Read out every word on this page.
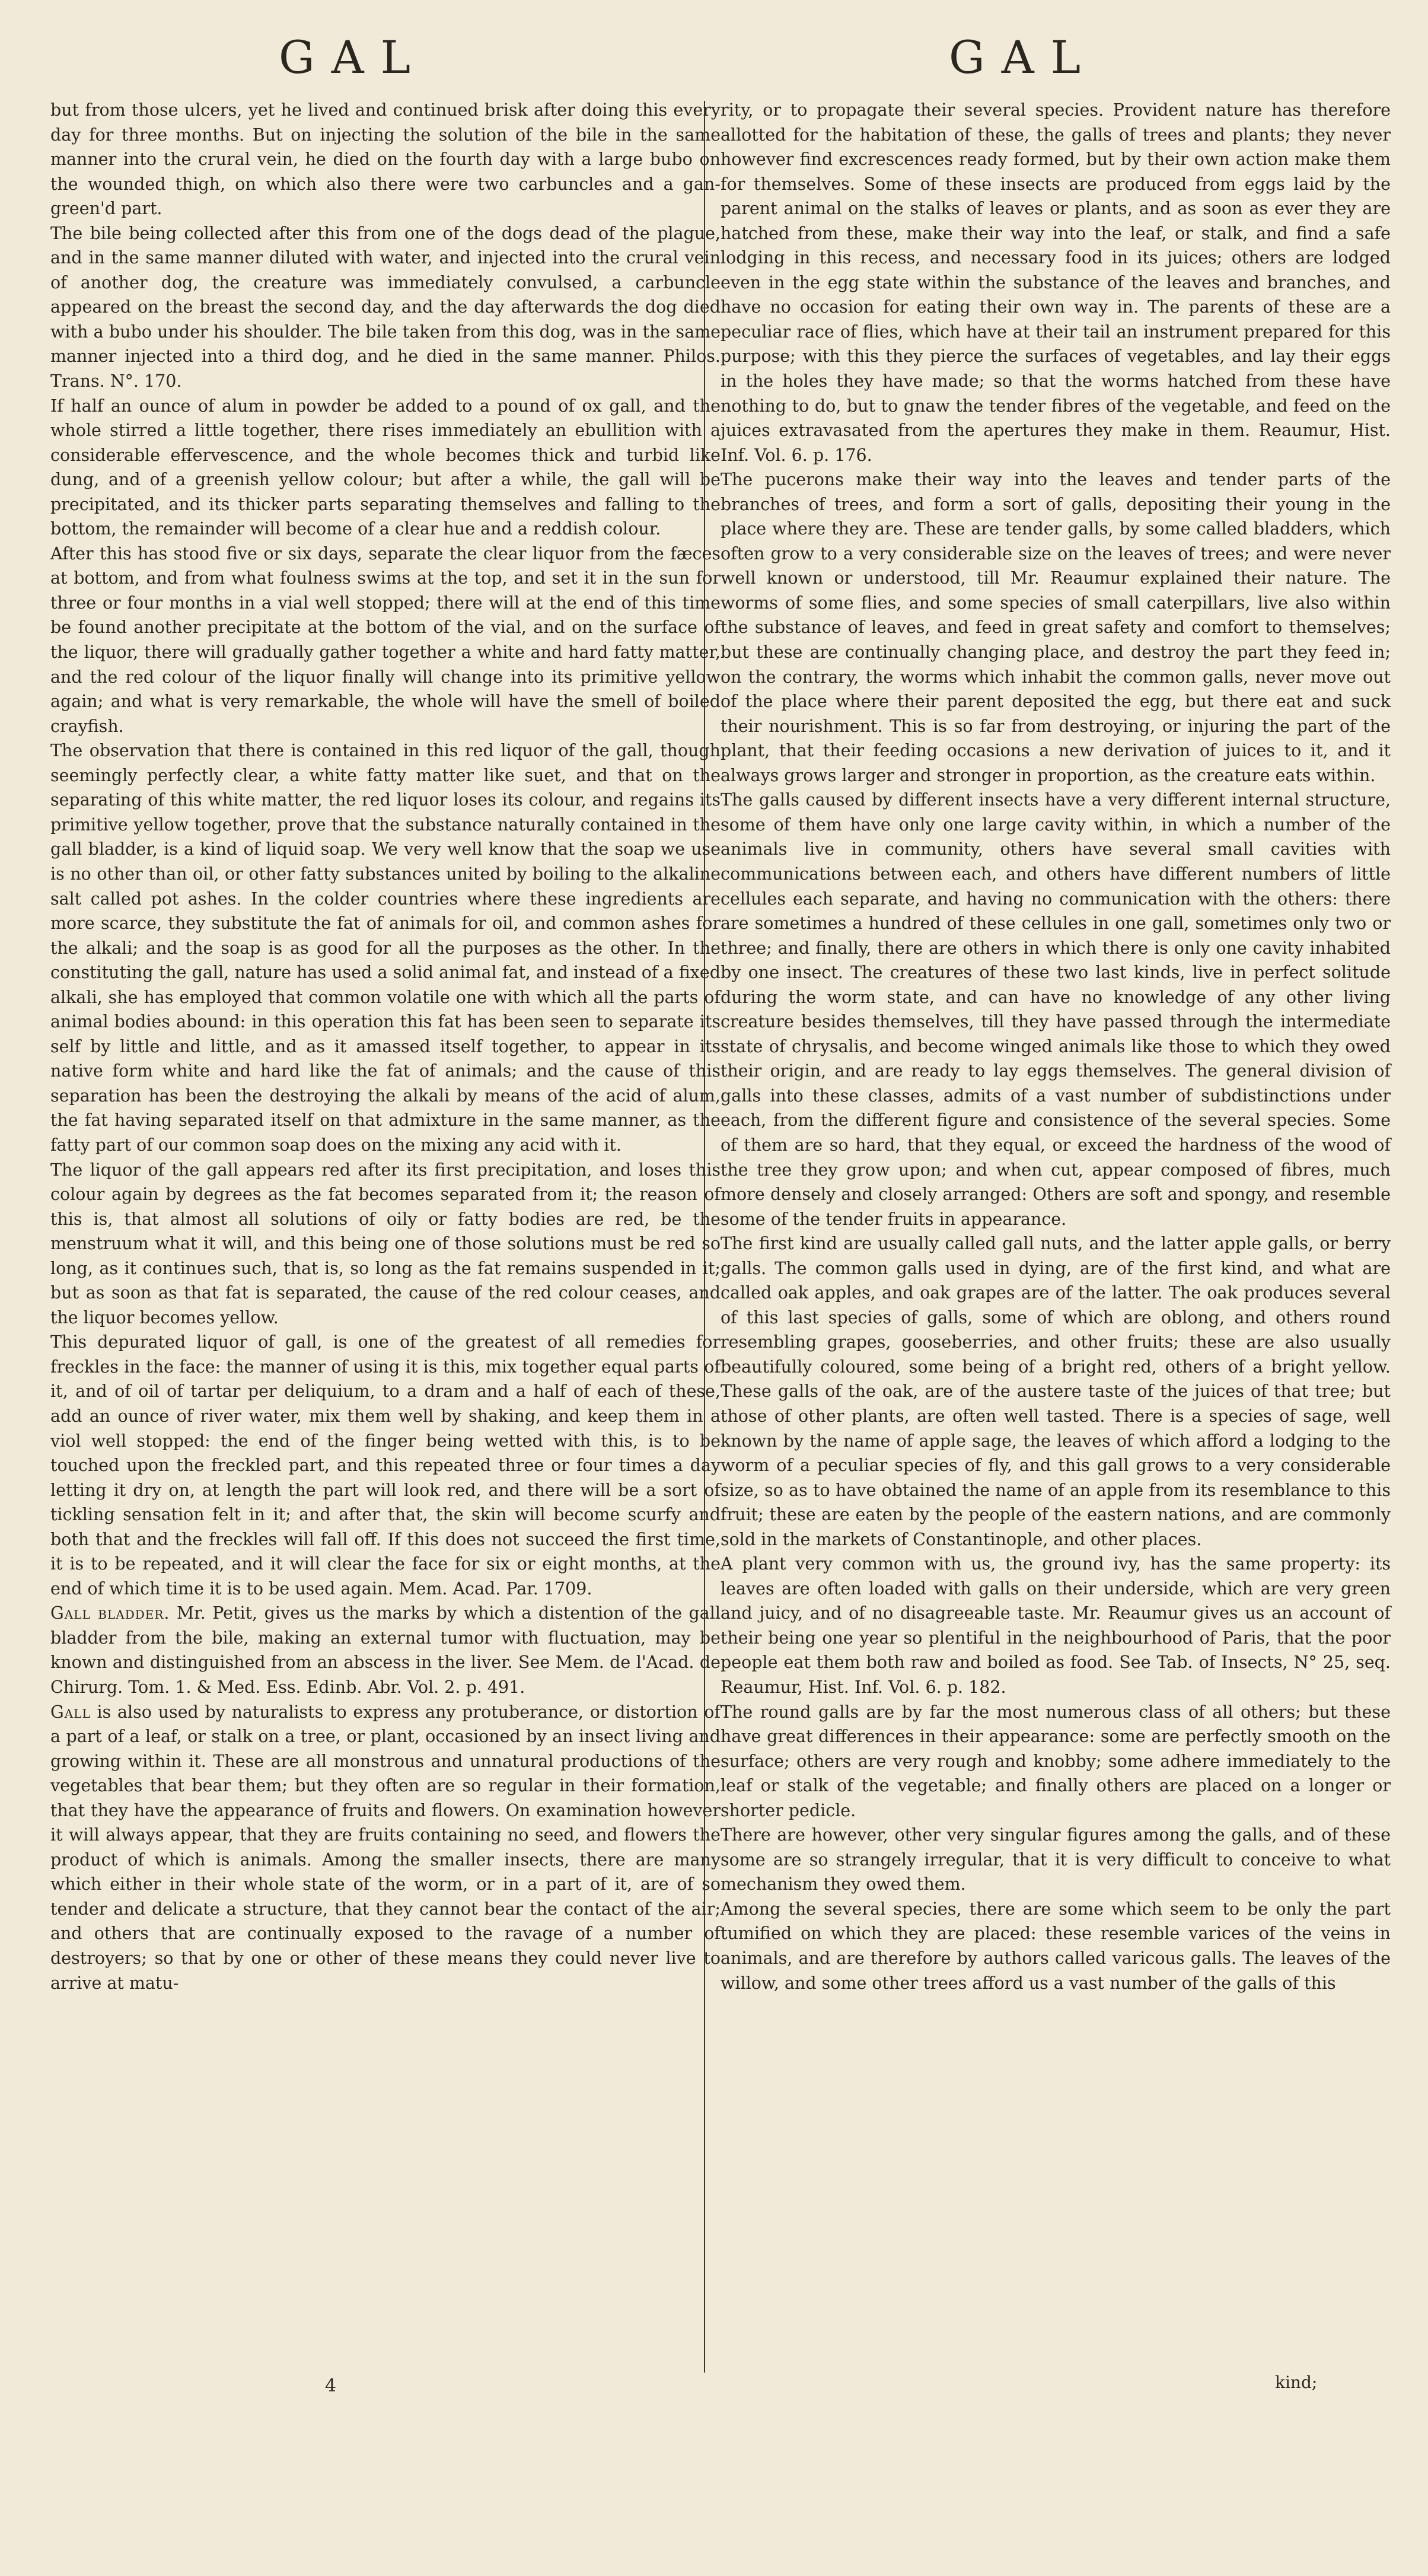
GAL	GAL

but from those ulcers, yet he lived and continued brisk after doing this every day for three months. But on injecting the solution of the bile in the same manner into the crural vein, he died on the fourth day with a large bubo on the wounded thigh, on which also there were two carbuncles and a gan-green'd part.

The bile being collected after this from one of the dogs dead of the plague, and in the same manner diluted with water, and injected into the crural vein of another dog, the creature was immediately convulsed, a carbuncle appeared on the breast the second day, and the day afterwards the dog died with a bubo under his shoulder. The bile taken from this dog, was in the same manner injected into a third dog, and he died in the same manner. Philos. Trans. N°. 170.

If half an ounce of alum in powder be added to a pound of ox gall, and the whole stirred a little together, there rises immediately an ebullition with a considerable effervescence, and the whole becomes thick and turbid like dung, and of a greenish yellow colour; but after a while, the gall will be precipitated, and its thicker parts separating themselves and falling to the bottom, the remainder will become of a clear hue and a reddish colour.

After this has stood five or six days, separate the clear liquor from the fæces at bottom, and from what foulness swims at the top, and set it in the sun for three or four months in a vial well stopped; there will at the end of this time be found another precipitate at the bottom of the vial, and on the surface of the liquor, there will gradually gather together a white and hard fatty matter, and the red colour of the liquor finally will change into its primitive yellow again; and what is very remarkable, the whole will have the smell of boiled crayfish.

The observation that there is contained in this red liquor of the gall, though seemingly perfectly clear, a white fatty matter like suet, and that on the separating of this white matter, the red liquor loses its colour, and regains its primitive yellow together, prove that the substance naturally contained in the gall bladder, is a kind of liquid soap. We very well know that the soap we use is no other than oil, or other fatty substances united by boiling to the alkaline salt called pot ashes. In the colder countries where these ingredients are more scarce, they substitute the fat of animals for oil, and common ashes for the alkali; and the soap is as good for all the purposes as the other. In the constituting the gall, nature has used a solid animal fat, and instead of a fixed alkali, she has employed that common volatile one with which all the parts of animal bodies abound: in this operation this fat has been seen to separate its self by little and little, and as it amassed itself together, to appear in its native form white and hard like the fat of animals; and the cause of this separation has been the destroying the alkali by means of the acid of alum, the fat having separated itself on that admixture in the same manner, as the fatty part of our common soap does on the mixing any acid with it.

The liquor of the gall appears red after its first precipitation, and loses this colour again by degrees as the fat becomes separated from it; the reason of this is, that almost all solutions of oily or fatty bodies are red, be the menstruum what it will, and this being one of those solutions must be red so long, as it continues such, that is, so long as the fat remains suspended in it; but as soon as that fat is separated, the cause of the red colour ceases, and the liquor becomes yellow.

This depurated liquor of gall, is one of the greatest of all remedies for freckles in the face: the manner of using it is this, mix together equal parts of it, and of oil of tartar per deliquium, to a dram and a half of each of these, add an ounce of river water, mix them well by shaking, and keep them in a viol well stopped: the end of the finger being wetted with this, is to be touched upon the freckled part, and this repeated three or four times a day letting it dry on, at length the part will look red, and there will be a sort of tickling sensation felt in it; and after that, the skin will become scurfy and both that and the freckles will fall off. If this does not succeed the first time, it is to be repeated, and it will clear the face for six or eight months, at the end of which time it is to be used again. Mem. Acad. Par. 1709.

Gall bladder. Mr. Petit, gives us the marks by which a distention of the gall bladder from the bile, making an external tumor with fluctuation, may be known and distinguished from an abscess in the liver. See Mem. de l'Acad. de Chirurg. Tom. 1. & Med. Ess. Edinb. Abr. Vol. 2. p. 491.

Gall is also used by naturalists to express any protuberance, or distortion of a part of a leaf, or stalk on a tree, or plant, occasioned by an insect living and growing within it. These are all monstrous and unnatural productions of the vegetables that bear them; but they often are so regular in their formation, that they have the appearance of fruits and flowers. On examination however it will always appear, that they are fruits containing no seed, and flowers the product of which is animals. Among the smaller insects, there are many which either in their whole state of the worm, or in a part of it, are of so tender and delicate a structure, that they cannot bear the contact of the air; and others that are continually exposed to the ravage of a number of destroyers; so that by one or other of these means they could never live to arrive at matu-

rity, or to propagate their several species. Provident nature has therefore allotted for the habitation of these, the galls of trees and plants; they never however find excrescences ready formed, but by their own action make them for themselves. Some of these insects are produced from eggs laid by the parent animal on the stalks of leaves or plants, and as soon as ever they are hatched from these, make their way into the leaf, or stalk, and find a safe lodging in this recess, and necessary food in its juices; others are lodged even in the egg state within the substance of the leaves and branches, and have no occasion for eating their own way in. The parents of these are a peculiar race of flies, which have at their tail an instrument prepared for this purpose; with this they pierce the surfaces of vegetables, and lay their eggs in the holes they have made; so that the worms hatched from these have nothing to do, but to gnaw the tender fibres of the vegetable, and feed on the juices extravasated from the apertures they make in them. Reaumur, Hist. Inf. Vol. 6. p. 176.

The pucerons make their way into the leaves and tender parts of the branches of trees, and form a sort of galls, depositing their young in the place where they are. These are tender galls, by some called bladders, which often grow to a very considerable size on the leaves of trees; and were never well known or understood, till Mr. Reaumur explained their nature. The worms of some flies, and some species of small caterpillars, live also within the substance of leaves, and feed in great safety and comfort to themselves; but these are continually changing place, and destroy the part they feed in; on the contrary, the worms which inhabit the common galls, never move out of the place where their parent deposited the egg, but there eat and suck their nourishment. This is so far from destroying, or injuring the part of the plant, that their feeding occasions a new derivation of juices to it, and it always grows larger and stronger in proportion, as the creature eats within.

The galls caused by different insects have a very different internal structure, some of them have only one large cavity within, in which a number of the animals live in community, others have several small cavities with communications between each, and others have different numbers of little cellules each separate, and having no communication with the others: there are sometimes a hundred of these cellules in one gall, sometimes only two or three; and finally, there are others in which there is only one cavity inhabited by one insect. The creatures of these two last kinds, live in perfect solitude during the worm state, and can have no knowledge of any other living creature besides themselves, till they have passed through the intermediate state of chrysalis, and become winged animals like those to which they owed their origin, and are ready to lay eggs themselves. The general division of galls into these classes, admits of a vast number of subdistinctions under each, from the different figure and consistence of the several species. Some of them are so hard, that they equal, or exceed the hardness of the wood of the tree they grow upon; and when cut, appear composed of fibres, much more densely and closely arranged: Others are soft and spongy, and resemble some of the tender fruits in appearance.

The first kind are usually called gall nuts, and the latter apple galls, or berry galls. The common galls used in dying, are of the first kind, and what are called oak apples, and oak grapes are of the latter. The oak produces several of this last species of galls, some of which are oblong, and others round resembling grapes, gooseberries, and other fruits; these are also usually beautifully coloured, some being of a bright red, others of a bright yellow. These galls of the oak, are of the austere taste of the juices of that tree; but those of other plants, are often well tasted. There is a species of sage, well known by the name of apple sage, the leaves of which afford a lodging to the worm of a peculiar species of fly, and this gall grows to a very considerable size, so as to have obtained the name of an apple from its resemblance to this fruit; these are eaten by the people of the eastern nations, and are commonly sold in the markets of Constantinople, and other places.

A plant very common with us, the ground ivy, has the same property: its leaves are often loaded with galls on their underside, which are very green and juicy, and of no disagreeable taste. Mr. Reaumur gives us an account of their being one year so plentiful in the neighbourhood of Paris, that the poor people eat them both raw and boiled as food. See Tab. of Insects, N° 25, seq. Reaumur, Hist. Inf. Vol. 6. p. 182.

The round galls are by far the most numerous class of all others; but these have great differences in their appearance: some are perfectly smooth on the surface; others are very rough and knobby; some adhere immediately to the leaf or stalk of the vegetable; and finally others are placed on a longer or shorter pedicle.

There are however, other very singular figures among the galls, and of these some are so strangely irregular, that it is very difficult to conceive to what mechanism they owed them.

Among the several species, there are some which seem to be only the part tumified on which they are placed: these resemble varices of the veins in animals, and are therefore by authors called varicous galls. The leaves of the willow, and some other trees afford us a vast number of the galls of this

4	kind;
